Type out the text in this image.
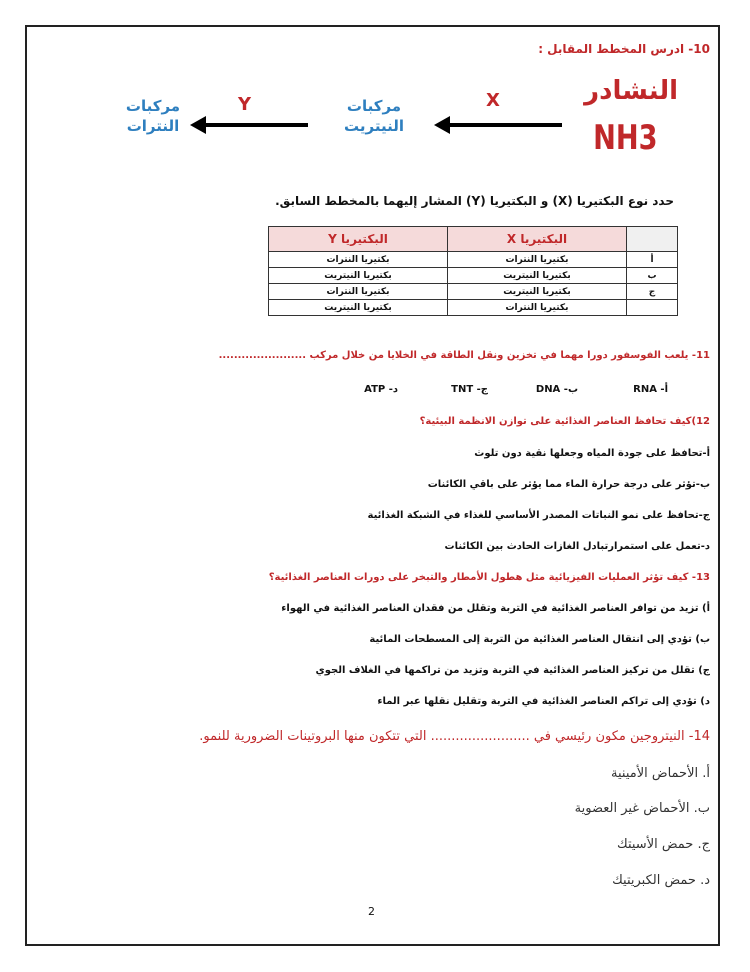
10- ادرس المخطط المقابل :
النشادر
NH3
X
مركبات النيتريت
Y
مركبات النترات
حدد نوع البكتيريا (X) و البكتيريا (Y) المشار إليهما بالمخطط السابق.
	البكتيريا X	البكتيريا Y
أ	بكتيريا النترات	بكتيريا النترات
ب	بكتيريا النيتريت	بكتيريا النيتريت
ج	بكتيريا النيتريت	بكتيريا النترات
	بكتيريا النترات	بكتيريا النيتريت
11- يلعب الفوسفور دورا مهما في تخزين ونقل الطاقة في الخلايا من خلال مركب .......................
أ- RNA
ب- DNA
ج- TNT
د- ATP
12)كيف تحافظ العناصر الغذائية على توازن الانظمة البيئية؟
أ-تحافظ على جودة المياه وجعلها نقية دون تلوث
ب-تؤثر على درجة حرارة الماء مما يؤثر على باقي الكائنات
ج-تحافظ على نمو النباتات المصدر الأساسي للغذاء في الشبكة الغذائية
د-تعمل على استمرارتبادل الغازات الحادث بين الكائنات
13- كيف تؤثر العمليات الفيزيائية مثل هطول الأمطار والتبخر على دورات العناصر الغذائية؟
أ) تزيد من توافر العناصر الغذائية في التربة وتقلل من فقدان العناصر الغذائية في الهواء
ب) تؤدي إلى انتقال العناصر الغذائية من التربة إلى المسطحات المائية
ج) تقلل من تركيز العناصر الغذائية في التربة وتزيد من تراكمها في الغلاف الجوي
د) تؤدي إلى تراكم العناصر الغذائية في التربة وتقليل نقلها عبر الماء
14- النيتروجين مكون رئيسي في ........................ التي تتكون منها البروتينات الضرورية للنمو.
أ. الأحماض الأمينية
ب. الأحماض غير العضوية
ج. حمض الأسيتك
د. حمض الكبريتيك
2
